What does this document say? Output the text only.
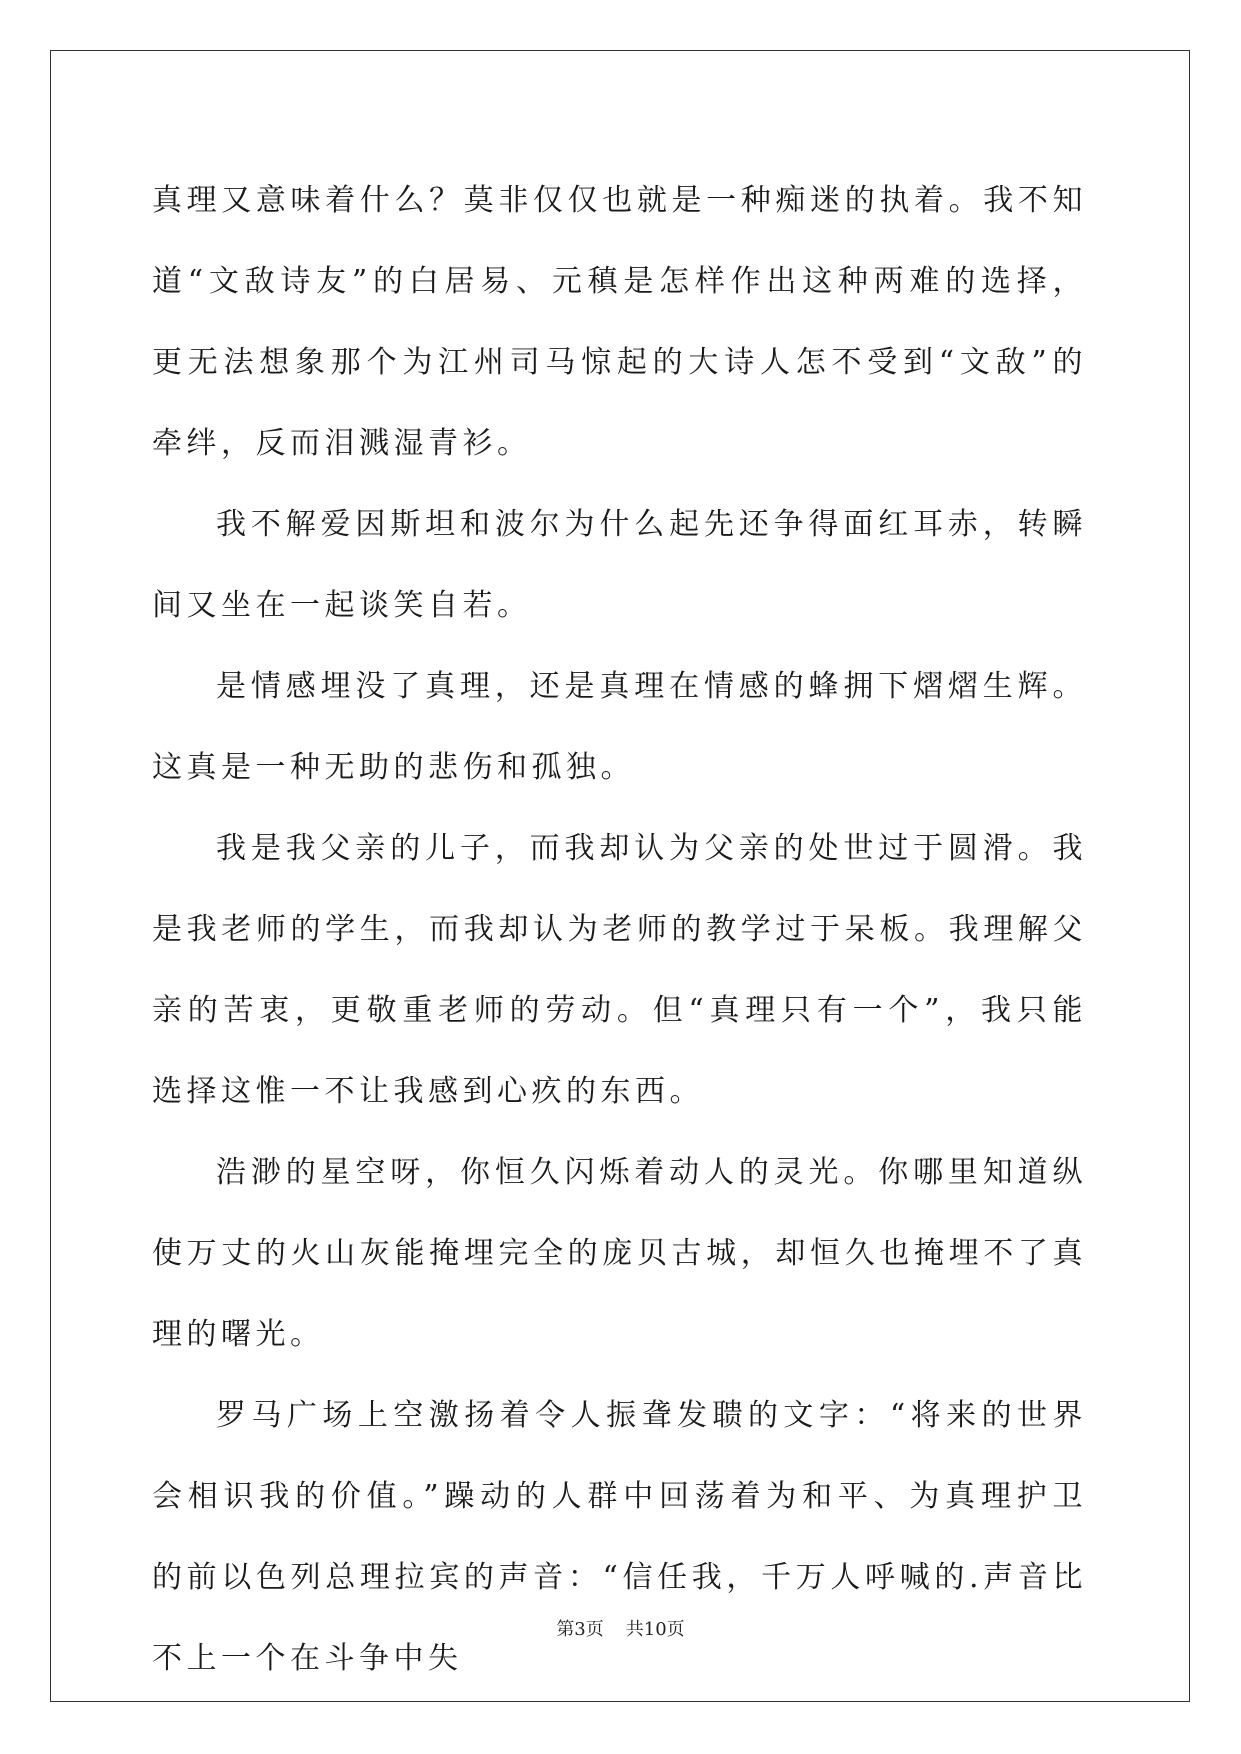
真理又意味着什么？莫非仅仅也就是一种痴迷的执着。我不知道“文敌诗友”的白居易、元稹是怎样作出这种两难的选择，更无法想象那个为江州司马惊起的大诗人怎不受到“文敌”的牵绊，反而泪溅湿青衫。

我不解爱因斯坦和波尔为什么起先还争得面红耳赤，转瞬间又坐在一起谈笑自若。

是情感埋没了真理，还是真理在情感的蜂拥下熠熠生辉。这真是一种无助的悲伤和孤独。

我是我父亲的儿子，而我却认为父亲的处世过于圆滑。我是我老师的学生，而我却认为老师的教学过于呆板。我理解父亲的苦衷，更敬重老师的劳动。但“真理只有一个”，我只能选择这惟一不让我感到心疚的东西。

浩渺的星空呀，你恒久闪烁着动人的灵光。你哪里知道纵使万丈的火山灰能掩埋完全的庞贝古城，却恒久也掩埋不了真理的曙光。

罗马广场上空激扬着令人振聋发聩的文字：“将来的世界会相识我的价值。”躁动的人群中回荡着为和平、为真理护卫的前以色列总理拉宾的声音：“信任我，千万人呼喊的.声音比不上一个在斗争中失

第3页 共10页
